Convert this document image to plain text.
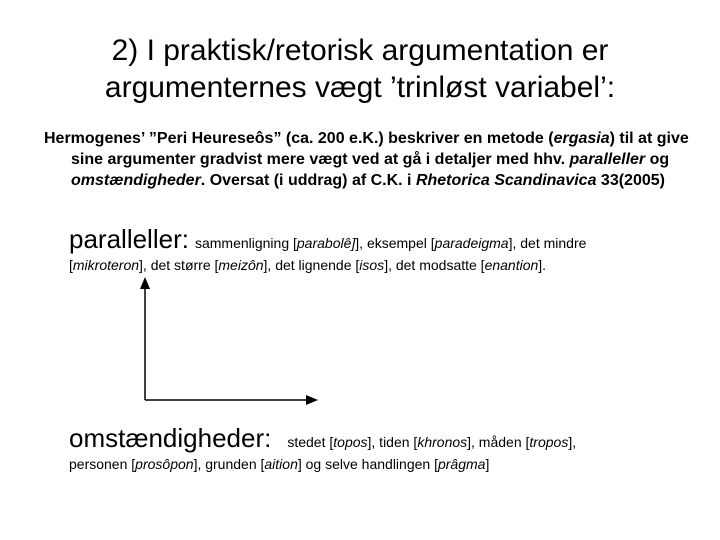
2) I praktisk/retorisk argumentation er
argumenternes vægt ’trinløst variabel’:
Hermogenes’ ”Peri Heureseôs” (ca. 200 e.K.) beskriver en metode (ergasia) til at give sine argumenter gradvist mere vægt ved at gå i detaljer med hhv. paralleller og omstændigheder. Oversat (i uddrag) af C.K. i Rhetorica Scandinavica 33(2005)
paralleller: sammenligning [parabolê]], eksempel [paradeigma], det mindre
[mikroteron], det større [meizôn], det lignende [isos], det modsatte [enantion].
omstændigheder: stedet [topos], tiden [khronos], måden [tropos],
personen [prosôpon], grunden [aition] og selve handlingen [prâgma]
